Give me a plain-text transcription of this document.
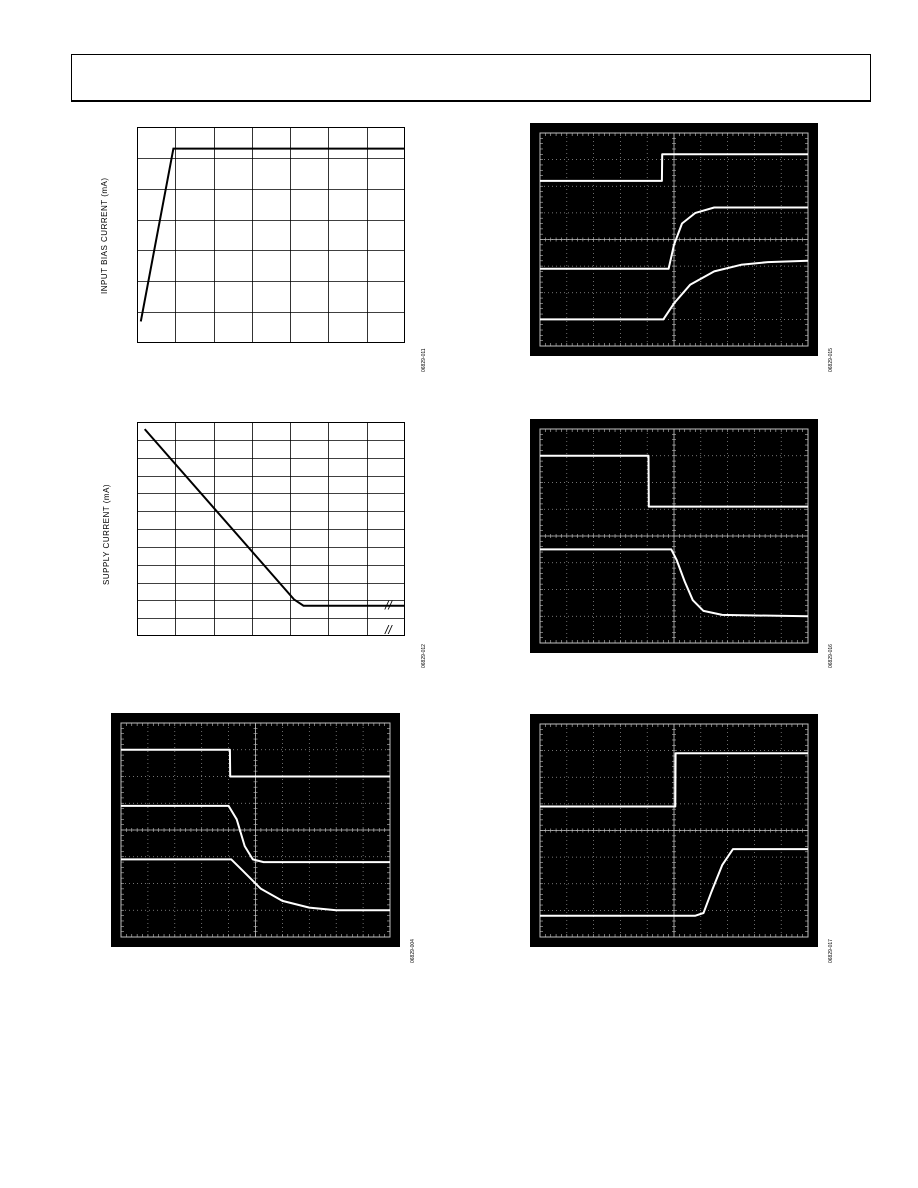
INPUT BIAS CURRENT (mA)
06829-011
//
//
SUPPLY CURRENT (mA)
06829-012
06829-015
06829-016
06829-004	06829-017
